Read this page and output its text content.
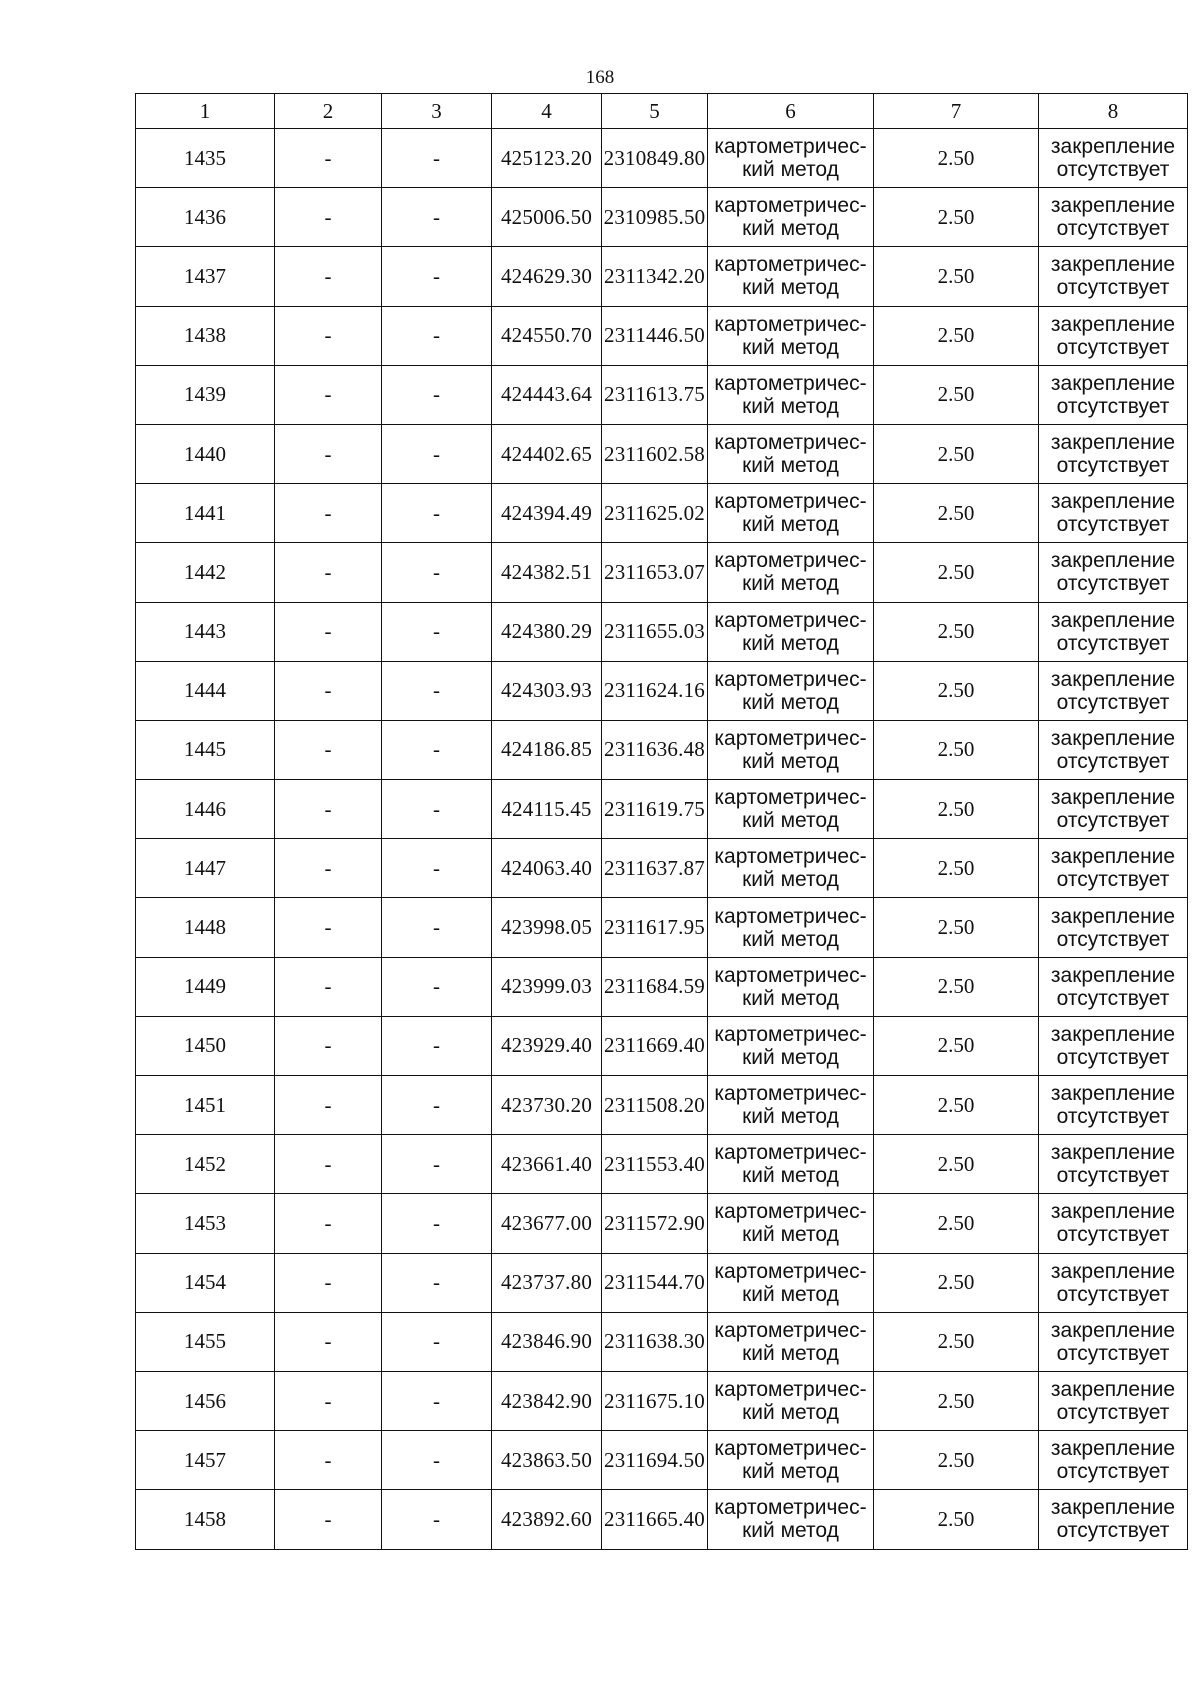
168
1	2	3	4	5	6	7	8
1435	-	-	425123.20	2310849.80	картометричес-
кий метод	2.50	закрепление
отсутствует

1436	-	-	425006.50	2310985.50	картометричес-
кий метод	2.50	закрепление
отсутствует

1437	-	-	424629.30	2311342.20	картометричес-
кий метод	2.50	закрепление
отсутствует

1438	-	-	424550.70	2311446.50	картометричес-
кий метод	2.50	закрепление
отсутствует

1439	-	-	424443.64	2311613.75	картометричес-
кий метод	2.50	закрепление
отсутствует

1440	-	-	424402.65	2311602.58	картометричес-
кий метод	2.50	закрепление
отсутствует

1441	-	-	424394.49	2311625.02	картометричес-
кий метод	2.50	закрепление
отсутствует

1442	-	-	424382.51	2311653.07	картометричес-
кий метод	2.50	закрепление
отсутствует

1443	-	-	424380.29	2311655.03	картометричес-
кий метод	2.50	закрепление
отсутствует

1444	-	-	424303.93	2311624.16	картометричес-
кий метод	2.50	закрепление
отсутствует

1445	-	-	424186.85	2311636.48	картометричес-
кий метод	2.50	закрепление
отсутствует

1446	-	-	424115.45	2311619.75	картометричес-
кий метод	2.50	закрепление
отсутствует

1447	-	-	424063.40	2311637.87	картометричес-
кий метод	2.50	закрепление
отсутствует

1448	-	-	423998.05	2311617.95	картометричес-
кий метод	2.50	закрепление
отсутствует

1449	-	-	423999.03	2311684.59	картометричес-
кий метод	2.50	закрепление
отсутствует

1450	-	-	423929.40	2311669.40	картометричес-
кий метод	2.50	закрепление
отсутствует

1451	-	-	423730.20	2311508.20	картометричес-
кий метод	2.50	закрепление
отсутствует

1452	-	-	423661.40	2311553.40	картометричес-
кий метод	2.50	закрепление
отсутствует

1453	-	-	423677.00	2311572.90	картометричес-
кий метод	2.50	закрепление
отсутствует

1454	-	-	423737.80	2311544.70	картометричес-
кий метод	2.50	закрепление
отсутствует

1455	-	-	423846.90	2311638.30	картометричес-
кий метод	2.50	закрепление
отсутствует

1456	-	-	423842.90	2311675.10	картометричес-
кий метод	2.50	закрепление
отсутствует

1457	-	-	423863.50	2311694.50	картометричес-
кий метод	2.50	закрепление
отсутствует

1458	-	-	423892.60	2311665.40	картометричес-
кий метод	2.50	закрепление
отсутствует
